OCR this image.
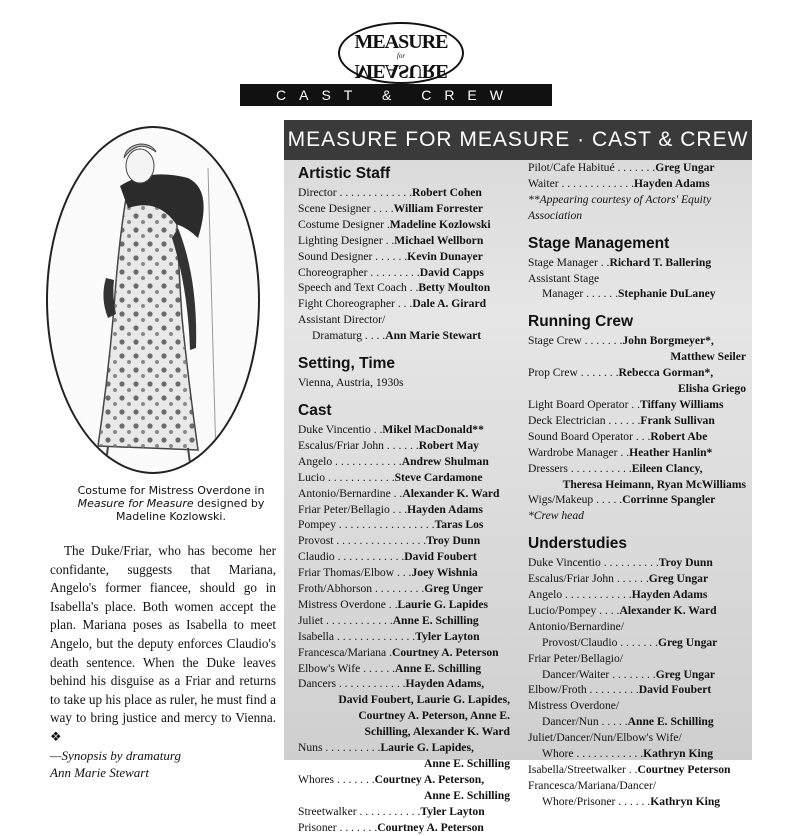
MEASURE
for
MEASURE
CAST & CREW
Costume for Mistress Overdone in
Measure for Measure designed by
Madeline Kozlowski.

The Duke/Friar, who has become her confidante, suggests that Mariana, Angelo's former fiancee, should go in Isabella's place. Both women accept the plan. Mariana poses as Isabella to meet Angelo, but the deputy enforces Claudio's death sentence. When the Duke leaves behind his disguise as a Friar and returns to take up his place as ruler, he must find a way to bring justice and mercy to Vienna. ❖

—Synopsis by dramaturg
Ann Marie Stewart
MEASURE FOR MEASURE · CAST & CREW
Artistic Staff
Director . . . . . . . . . . . . .Robert Cohen
Scene Designer . . . .William Forrester
Costume Designer .Madeline Kozlowski
Lighting Designer . .Michael Wellborn
Sound Designer . . . . . .Kevin Dunayer
Choreographer . . . . . . . . .David Capps
Speech and Text Coach . .Betty Moulton
Fight Choreographer . . .Dale A. Girard
Assistant Director/
Dramaturg . . . .Ann Marie Stewart
Setting, Time
Vienna, Austria, 1930s
Cast
Duke Vincentio . .Mikel MacDonald**
Escalus/Friar John . . . . . .Robert May
Angelo . . . . . . . . . . . .Andrew Shulman
Lucio . . . . . . . . . . . .Steve Cardamone
Antonio/Bernardine . .Alexander K. Ward
Friar Peter/Bellagio . . .Hayden Adams
Pompey . . . . . . . . . . . . . . . . .Taras Los
Provost . . . . . . . . . . . . . . . .Troy Dunn
Claudio . . . . . . . . . . . .David Foubert
Friar Thomas/Elbow . . .Joey Wishnia
Froth/Abhorson . . . . . . . . .Greg Unger
Mistress Overdone . .Laurie G. Lapides
Juliet . . . . . . . . . . . .Anne E. Schilling
Isabella . . . . . . . . . . . . . .Tyler Layton
Francesca/Mariana .Courtney A. Peterson
Elbow's Wife . . . . . .Anne E. Schilling
Dancers . . . . . . . . . . . .Hayden Adams,
David Foubert, Laurie G. Lapides,
Courtney A. Peterson, Anne E.
Schilling, Alexander K. Ward
Nuns . . . . . . . . . .Laurie G. Lapides,
Anne E. Schilling
Whores . . . . . . .Courtney A. Peterson,
Anne E. Schilling
Streetwalker . . . . . . . . . . .Tyler Layton
Prisoner . . . . . . .Courtney A. Peterson
Pilot/Cafe Habitué . . . . . . .Greg Ungar
Waiter . . . . . . . . . . . . .Hayden Adams
**Appearing courtesy of Actors' Equity
Association
Stage Management
Stage Manager . .Richard T. Ballering
Assistant Stage
Manager . . . . . .Stephanie DuLaney
Running Crew
Stage Crew . . . . . . .John Borgmeyer*,
Matthew Seiler
Prop Crew . . . . . . .Rebecca Gorman*,
Elisha Griego
Light Board Operator . .Tiffany Williams
Deck Electrician . . . . . .Frank Sullivan
Sound Board Operator . . .Robert Abe
Wardrobe Manager . .Heather Hanlin*
Dressers . . . . . . . . . . .Eileen Clancy,
Theresa Heimann, Ryan McWilliams
Wigs/Makeup . . . . .Corrinne Spangler
*Crew head
Understudies
Duke Vincentio . . . . . . . . . .Troy Dunn
Escalus/Friar John . . . . . .Greg Ungar
Angelo . . . . . . . . . . . .Hayden Adams
Lucio/Pompey . . . .Alexander K. Ward
Antonio/Bernardine/
Provost/Claudio . . . . . . .Greg Ungar
Friar Peter/Bellagio/
Dancer/Waiter . . . . . . . .Greg Ungar
Elbow/Froth . . . . . . . . .David Foubert
Mistress Overdone/
Dancer/Nun . . . . .Anne E. Schilling
Juliet/Dancer/Nun/Elbow's Wife/
Whore . . . . . . . . . . . .Kathryn King
Isabella/Streetwalker . .Courtney Peterson
Francesca/Mariana/Dancer/
Whore/Prisoner . . . . . .Kathryn King
